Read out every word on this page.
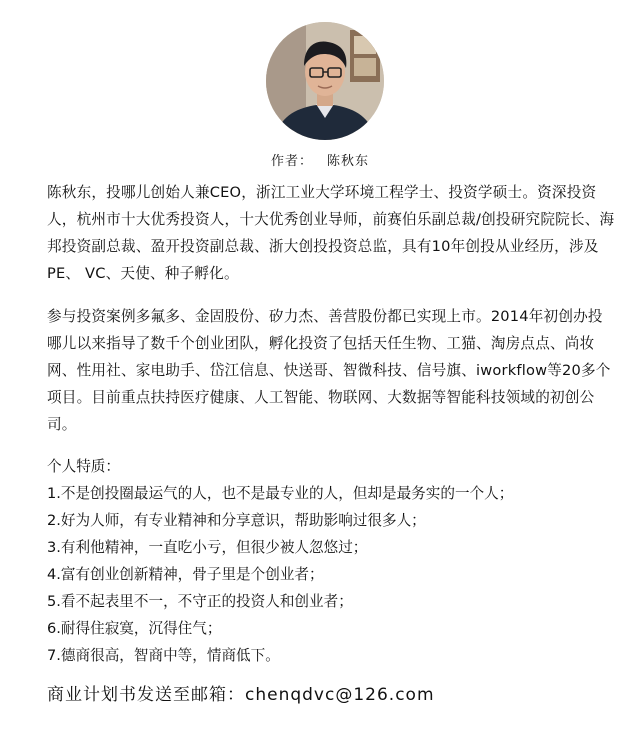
作者： 陈秋东

陈秋东，投哪儿创始人兼CEO，浙江工业大学环境工程学士、投资学硕士。资深投资人，杭州市十大优秀投资人，十大优秀创业导师，前赛伯乐副总裁/创投研究院院长、海邦投资副总裁、盈开投资副总裁、浙大创投投资总监，具有10年创投从业经历，涉及PE、 VC、天使、种子孵化。

参与投资案例多氟多、金固股份、矽力杰、善营股份都已实现上市。2014年初创办投哪儿以来指导了数千个创业团队，孵化投资了包括天任生物、工猫、淘房点点、尚妆网、性用社、家电助手、岱江信息、快送哥、智微科技、信号旗、iworkflow等20多个项目。目前重点扶持医疗健康、人工智能、物联网、大数据等智能科技领域的初创公司。

个人特质：
1.不是创投圈最运气的人，也不是最专业的人，但却是最务实的一个人；
2.好为人师，有专业精神和分享意识，帮助影响过很多人；
3.有利他精神，一直吃小亏，但很少被人忽悠过；
4.富有创业创新精神，骨子里是个创业者；
5.看不起表里不一，不守正的投资人和创业者；
6.耐得住寂寞，沉得住气；
7.德商很高，智商中等，情商低下。
商业计划书发送至邮箱：chenqdvc@126.com
